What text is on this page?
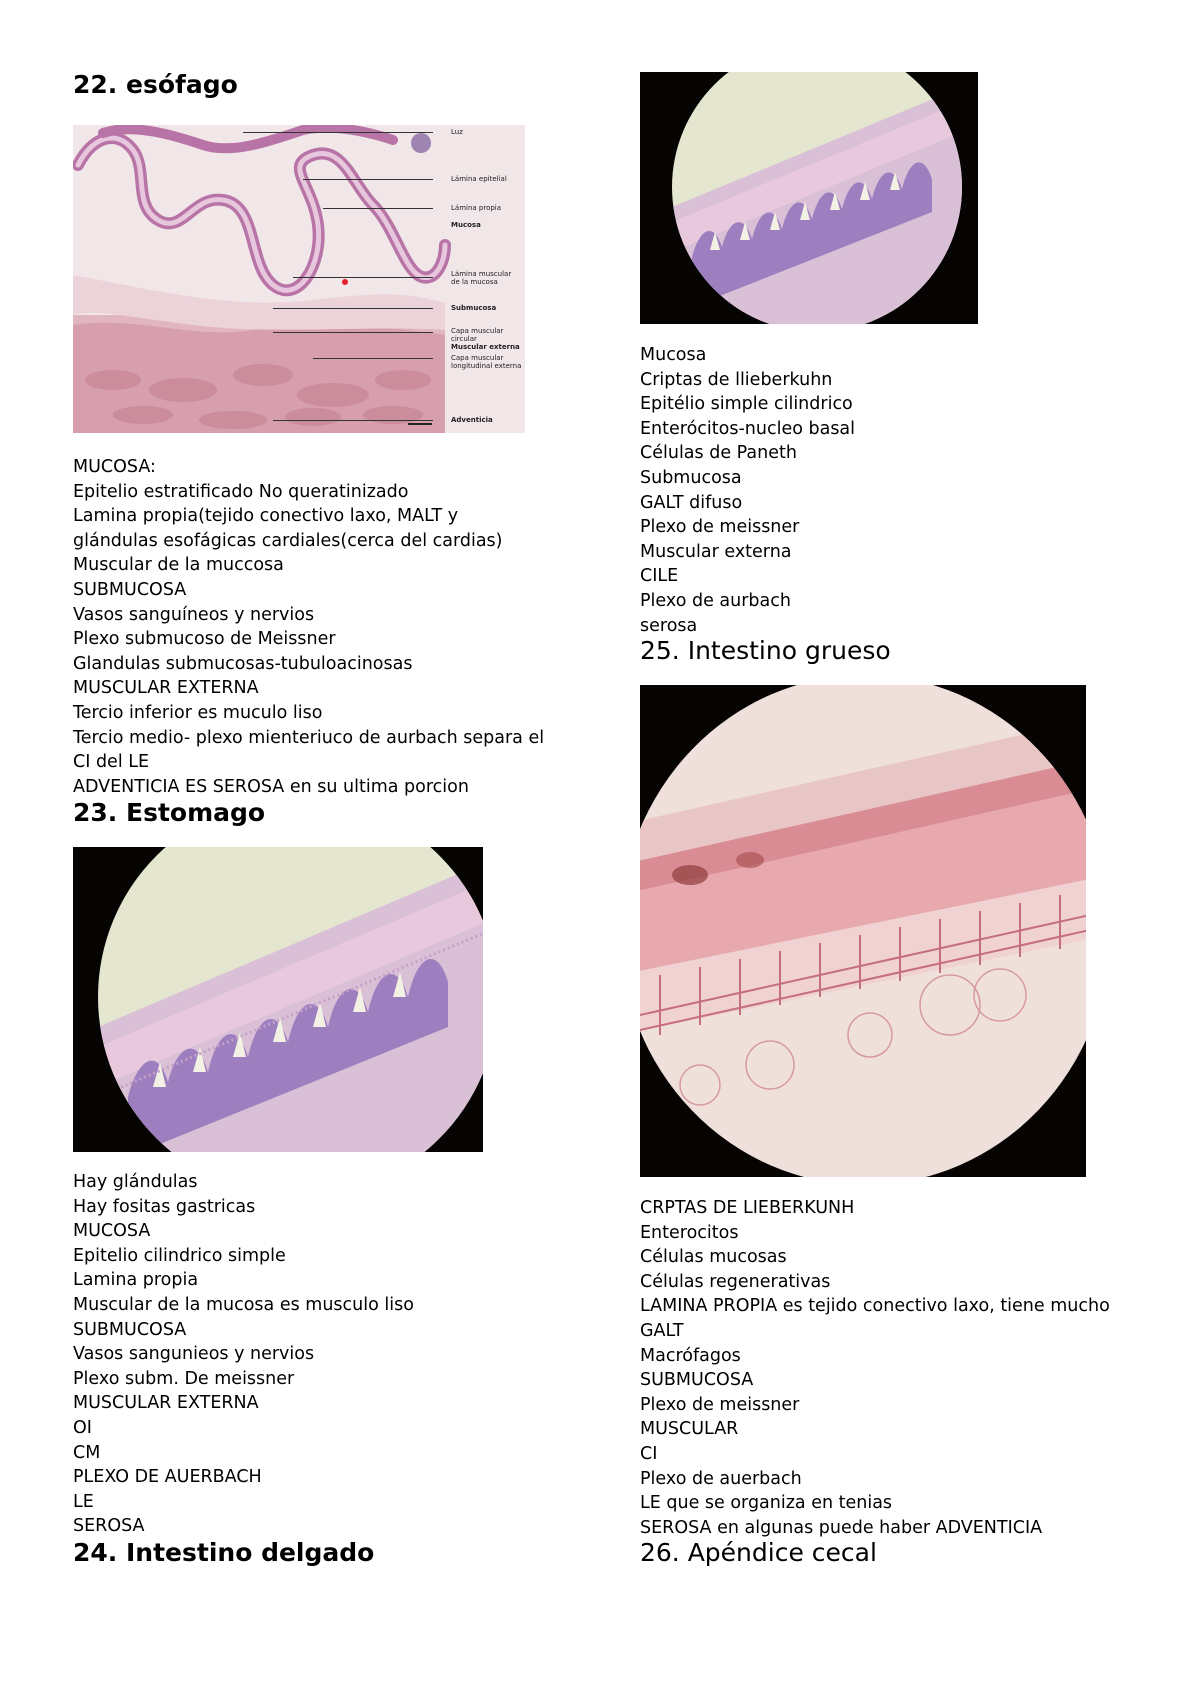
22. esófago
Luz
Lámina epitelial
Lámina propia
Mucosa
Lámina muscular
de la mucosa
Submucosa
Capa muscular
circular
Muscular externa
Capa muscular
longitudinal externa
Adventicia
MUCOSA:
Epitelio estratificado No queratinizado
Lamina propia(tejido conectivo laxo, MALT y
glándulas esofágicas cardiales(cerca del cardias)
Muscular de la muccosa
SUBMUCOSA
Vasos sanguíneos y nervios
Plexo submucoso de Meissner
Glandulas submucosas-tubuloacinosas
MUSCULAR EXTERNA
Tercio inferior es muculo liso
Tercio medio- plexo mienteriuco de aurbach separa el
CI del LE
ADVENTICIA ES SEROSA en su ultima porcion
23. Estomago
Hay glándulas
Hay fositas gastricas
MUCOSA
Epitelio cilindrico simple
Lamina propia
Muscular de la mucosa es musculo liso
SUBMUCOSA
Vasos sangunieos y nervios
Plexo subm. De meissner
MUSCULAR EXTERNA
OI
CM
PLEXO DE AUERBACH
LE
SEROSA
24. Intestino delgado
Mucosa
Criptas de llieberkuhn
Epitélio simple cilindrico
Enterócitos-nucleo basal
Células de Paneth
Submucosa
GALT difuso
Plexo de meissner
Muscular externa
CILE
Plexo de aurbach
serosa
25. Intestino grueso
CRPTAS DE LIEBERKUNH
Enterocitos
Células mucosas
Células regenerativas
LAMINA PROPIA es tejido conectivo laxo, tiene mucho
GALT
Macrófagos
SUBMUCOSA
Plexo de meissner
MUSCULAR
CI
Plexo de auerbach
LE que se organiza en tenias
SEROSA en algunas puede haber ADVENTICIA
26. Apéndice cecal
